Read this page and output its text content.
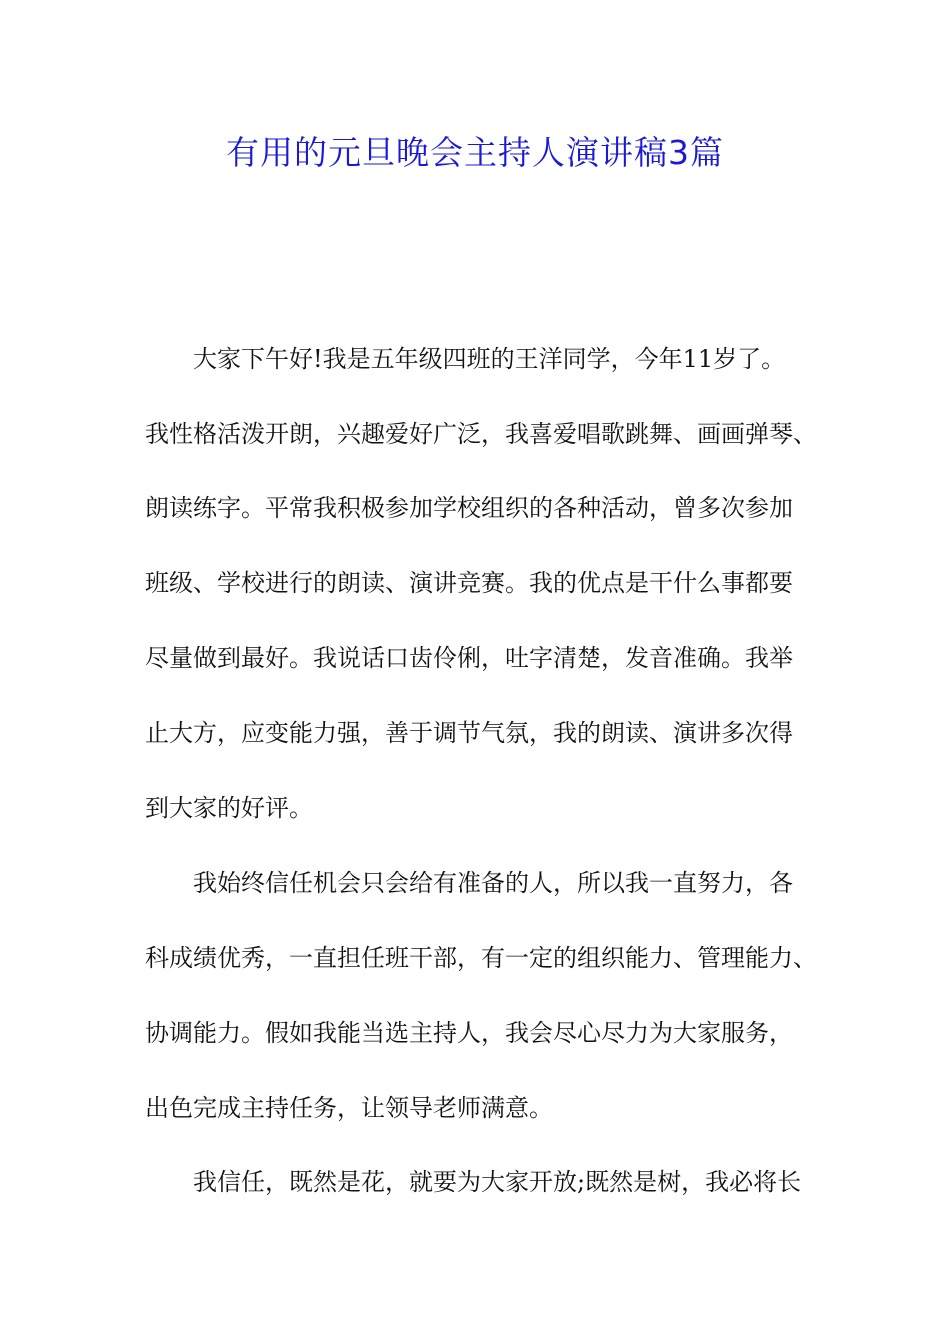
有用的元旦晚会主持人演讲稿3篇

大家下午好!我是五年级四班的王洋同学，今年11岁了。

我性格活泼开朗，兴趣爱好广泛，我喜爱唱歌跳舞、画画弹琴、

朗读练字。平常我积极参加学校组织的各种活动，曾多次参加

班级、学校进行的朗读、演讲竞赛。我的优点是干什么事都要

尽量做到最好。我说话口齿伶俐，吐字清楚，发音准确。我举

止大方，应变能力强，善于调节气氛，我的朗读、演讲多次得

到大家的好评。

我始终信任机会只会给有准备的人，所以我一直努力，各

科成绩优秀，一直担任班干部，有一定的组织能力、管理能力、

协调能力。假如我能当选主持人，我会尽心尽力为大家服务，

出色完成主持任务，让领导老师满意。

我信任，既然是花，就要为大家开放;既然是树，我必将长
